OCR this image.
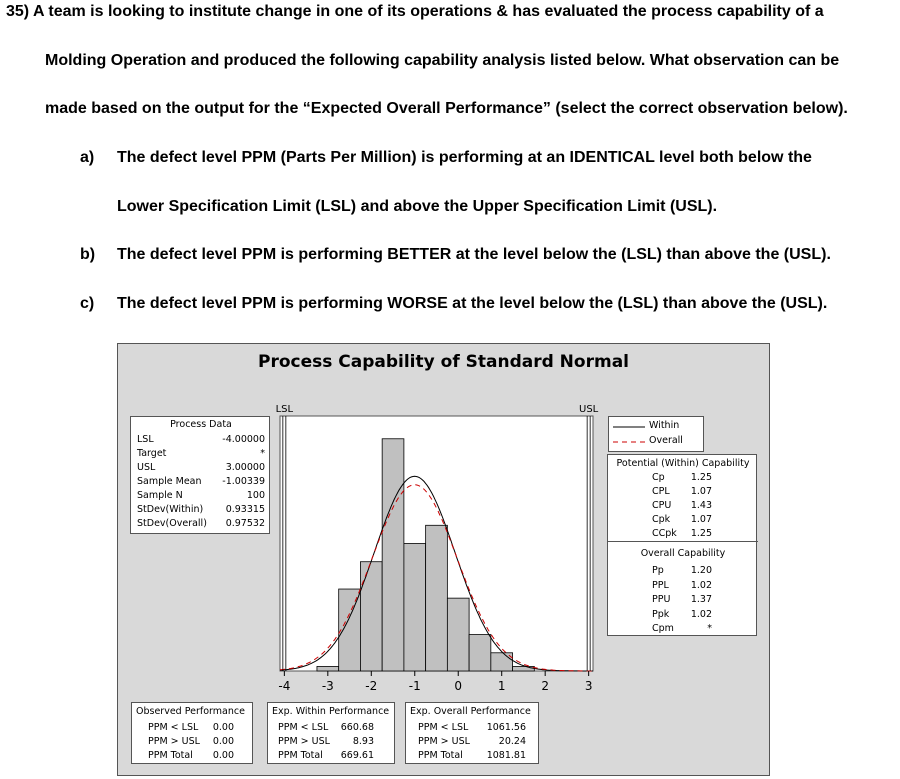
35) A team is looking to institute change in one of its operations & has evaluated the process capability of a
Molding Operation and produced the following capability analysis listed below. What observation can be
made based on the output for the “Expected Overall Performance” (select the correct observation below).
a) The defect level PPM (Parts Per Million) is performing at an IDENTICAL level both below the
Lower Specification Limit (LSL) and above the Upper Specification Limit (USL).
b) The defect level PPM is performing BETTER at the level below the (LSL) than above the (USL).
c) The defect level PPM is performing WORSE at the level below the (LSL) than above the (USL).
Process Capability of Standard Normal
Process Data
LSL	-4.00000
Target	*
USL	3.00000
Sample Mean	-1.00339
Sample N	100
StDev(Within)	0.93315
StDev(Overall)	0.97532
Within
Overall
Potential (Within) Capability
Cp	1.25
CPL	1.07
CPU	1.43
Cpk	1.07
CCpk	1.25
Overall Capability
Pp	1.20
PPL	1.02
PPU	1.37
Ppk	1.02
Cpm	*
LSL	USL
-4	-3	-2	-1	0	1	2	3
Observed Performance
PPM < LSL	0.00
PPM > USL	0.00
PPM Total	0.00
Exp. Within Performance
PPM < LSL	660.68
PPM > USL	8.93
PPM Total	669.61
Exp. Overall Performance
PPM < LSL	1061.56
PPM > USL	20.24
PPM Total	1081.81
